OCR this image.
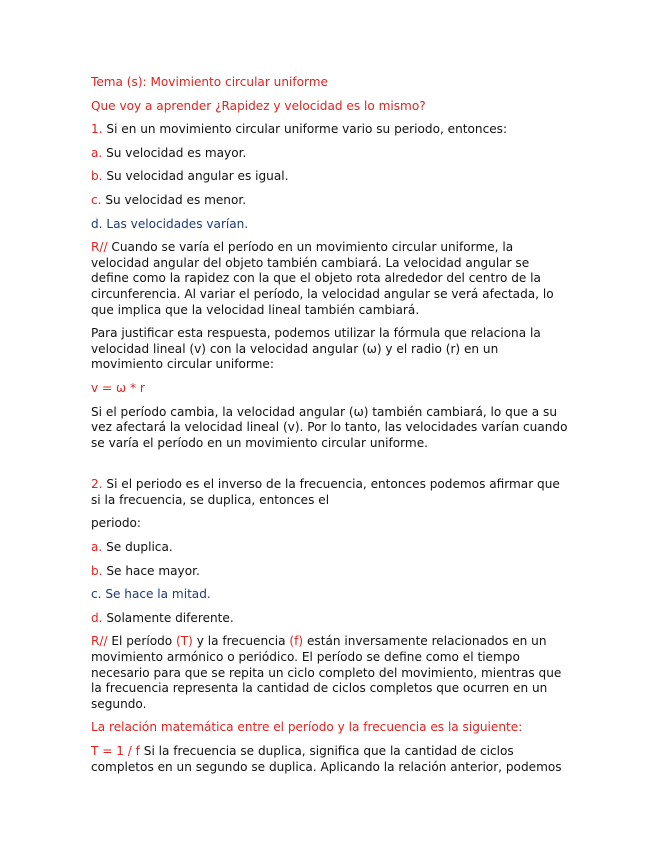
Tema (s): Movimiento circular uniforme

Que voy a aprender ¿Rapidez y velocidad es lo mismo?

1. Si en un movimiento circular uniforme vario su periodo, entonces:

a. Su velocidad es mayor.

b. Su velocidad angular es igual.

c. Su velocidad es menor.

d. Las velocidades varían.

R// Cuando se varía el período en un movimiento circular uniforme, la velocidad angular del objeto también cambiará. La velocidad angular se define como la rapidez con la que el objeto rota alrededor del centro de la circunferencia. Al variar el período, la velocidad angular se verá afectada, lo que implica que la velocidad lineal también cambiará.

Para justificar esta respuesta, podemos utilizar la fórmula que relaciona la velocidad lineal (v) con la velocidad angular (ω) y el radio (r) en un movimiento circular uniforme:

v = ω * r

Si el período cambia, la velocidad angular (ω) también cambiará, lo que a su vez afectará la velocidad lineal (v). Por lo tanto, las velocidades varían cuando se varía el período en un movimiento circular uniforme.

2. Si el periodo es el inverso de la frecuencia, entonces podemos afirmar que si la frecuencia, se duplica, entonces el

periodo:

a. Se duplica.

b. Se hace mayor.

c. Se hace la mitad.

d. Solamente diferente.

R// El período (T) y la frecuencia (f) están inversamente relacionados en un movimiento armónico o periódico. El período se define como el tiempo necesario para que se repita un ciclo completo del movimiento, mientras que la frecuencia representa la cantidad de ciclos completos que ocurren en un segundo.

La relación matemática entre el período y la frecuencia es la siguiente:

T = 1 / f Si la frecuencia se duplica, significa que la cantidad de ciclos completos en un segundo se duplica. Aplicando la relación anterior, podemos
